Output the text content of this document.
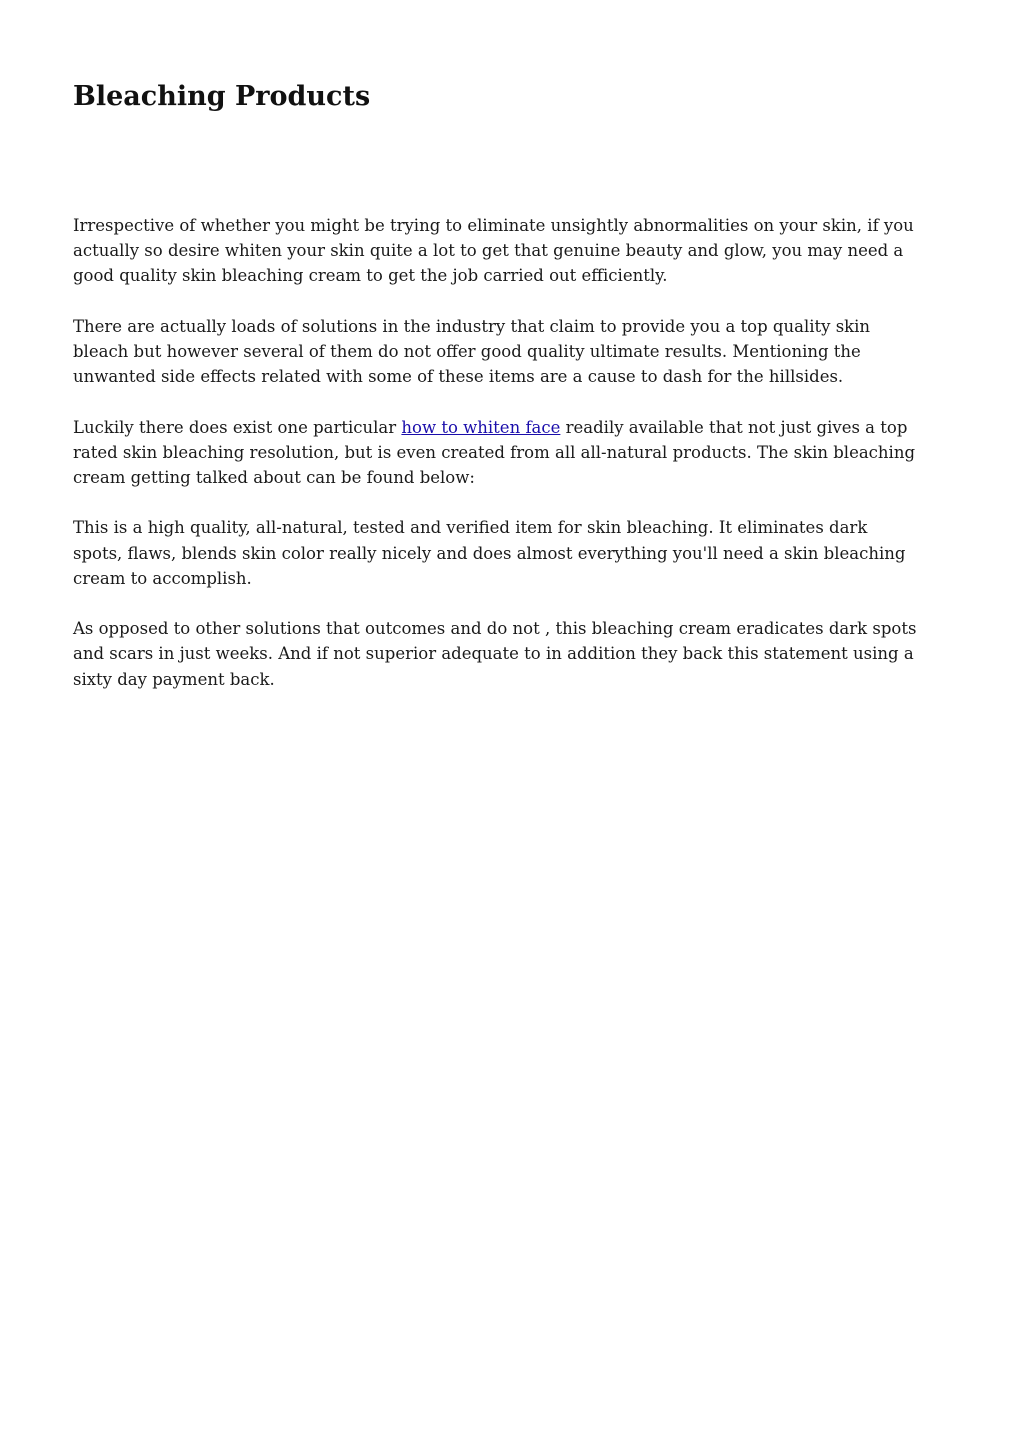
Bleaching Products

Irrespective of whether you might be trying to eliminate unsightly abnormalities on your skin, if you
actually so desire whiten your skin quite a lot to get that genuine beauty and glow, you may need a
good quality skin bleaching cream to get the job carried out efficiently.

There are actually loads of solutions in the industry that claim to provide you a top quality skin
bleach but however several of them do not offer good quality ultimate results. Mentioning the
unwanted side effects related with some of these items are a cause to dash for the hillsides.

Luckily there does exist one particular how to whiten face readily available that not just gives a top
rated skin bleaching resolution, but is even created from all all-natural products. The skin bleaching
cream getting talked about can be found below:

This is a high quality, all-natural, tested and verified item for skin bleaching. It eliminates dark
spots, flaws, blends skin color really nicely and does almost everything you'll need a skin bleaching
cream to accomplish.

As opposed to other solutions that outcomes and do not , this bleaching cream eradicates dark spots
and scars in just weeks. And if not superior adequate to in addition they back this statement using a
sixty day payment back.
